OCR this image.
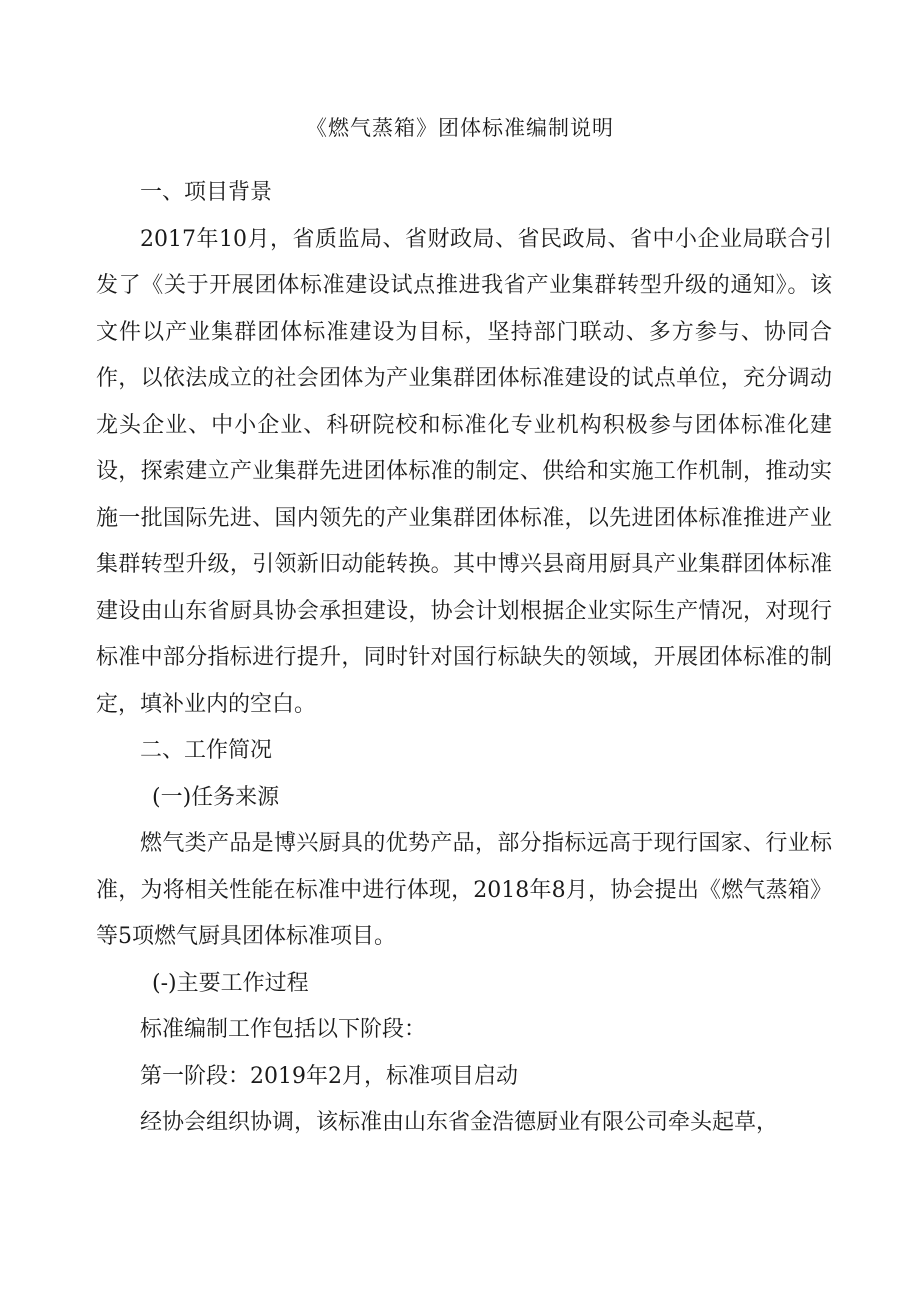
《燃气蒸箱》团体标准编制说明

一、项目背景

2017年10月，省质监局、省财政局、省民政局、省中小企业局联合引发了《关于开展团体标准建设试点推进我省产业集群转型升级的通知》。该文件以产业集群团体标准建设为目标，坚持部门联动、多方参与、协同合作，以依法成立的社会团体为产业集群团体标准建设的试点单位，充分调动龙头企业、中小企业、科研院校和标准化专业机构积极参与团体标准化建设，探索建立产业集群先进团体标准的制定、供给和实施工作机制，推动实施一批国际先进、国内领先的产业集群团体标准，以先进团体标准推进产业集群转型升级，引领新旧动能转换。其中博兴县商用厨具产业集群团体标准建设由山东省厨具协会承担建设，协会计划根据企业实际生产情况，对现行标准中部分指标进行提升，同时针对国行标缺失的领域，开展团体标准的制定，填补业内的空白。

二、工作简况

(一)任务来源

燃气类产品是博兴厨具的优势产品，部分指标远高于现行国家、行业标准，为将相关性能在标准中进行体现，2018年8月，协会提出《燃气蒸箱》等5项燃气厨具团体标准项目。

(-)主要工作过程

标准编制工作包括以下阶段：

第一阶段：2019年2月，标准项目启动

经协会组织协调，该标准由山东省金浩德厨业有限公司牵头起草，
